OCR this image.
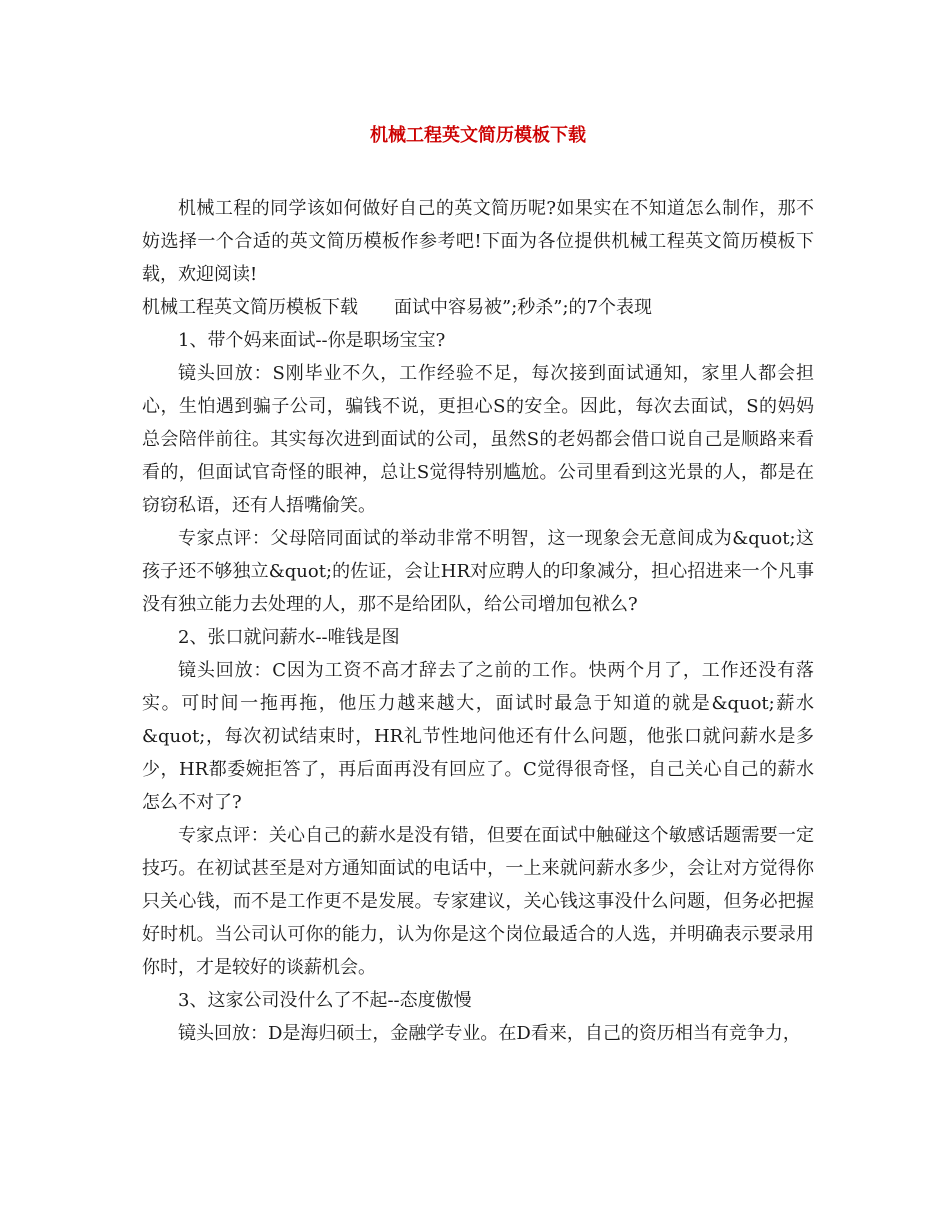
机械工程英文简历模板下载

机械工程的同学该如何做好自己的英文简历呢?如果实在不知道怎么制作，那不妨选择一个合适的英文简历模板作参考吧!下面为各位提供机械工程英文简历模板下载，欢迎阅读!

机械工程英文简历模板下载 面试中容易被”;秒杀”;的7个表现

1、带个妈来面试--你是职场宝宝?

镜头回放：S刚毕业不久，工作经验不足，每次接到面试通知，家里人都会担心，生怕遇到骗子公司，骗钱不说，更担心S的安全。因此，每次去面试，S的妈妈总会陪伴前往。其实每次进到面试的公司，虽然S的老妈都会借口说自己是顺路来看看的，但面试官奇怪的眼神，总让S觉得特别尴尬。公司里看到这光景的人，都是在窃窃私语，还有人捂嘴偷笑。

专家点评：父母陪同面试的举动非常不明智，这一现象会无意间成为&quot;这孩子还不够独立&quot;的佐证，会让HR对应聘人的印象减分，担心招进来一个凡事没有独立能力去处理的人，那不是给团队，给公司增加包袱么?

2、张口就问薪水--唯钱是图

镜头回放：C因为工资不高才辞去了之前的工作。快两个月了，工作还没有落实。可时间一拖再拖，他压力越来越大，面试时最急于知道的就是&quot;薪水&quot;，每次初试结束时，HR礼节性地问他还有什么问题，他张口就问薪水是多少，HR都委婉拒答了，再后面再没有回应了。C觉得很奇怪，自己关心自己的薪水怎么不对了?

专家点评：关心自己的薪水是没有错，但要在面试中触碰这个敏感话题需要一定技巧。在初试甚至是对方通知面试的电话中，一上来就问薪水多少，会让对方觉得你只关心钱，而不是工作更不是发展。专家建议，关心钱这事没什么问题，但务必把握好时机。当公司认可你的能力，认为你是这个岗位最适合的人选，并明确表示要录用你时，才是较好的谈薪机会。

3、这家公司没什么了不起--态度傲慢

镜头回放：D是海归硕士，金融学专业。在D看来，自己的资历相当有竞争力，
